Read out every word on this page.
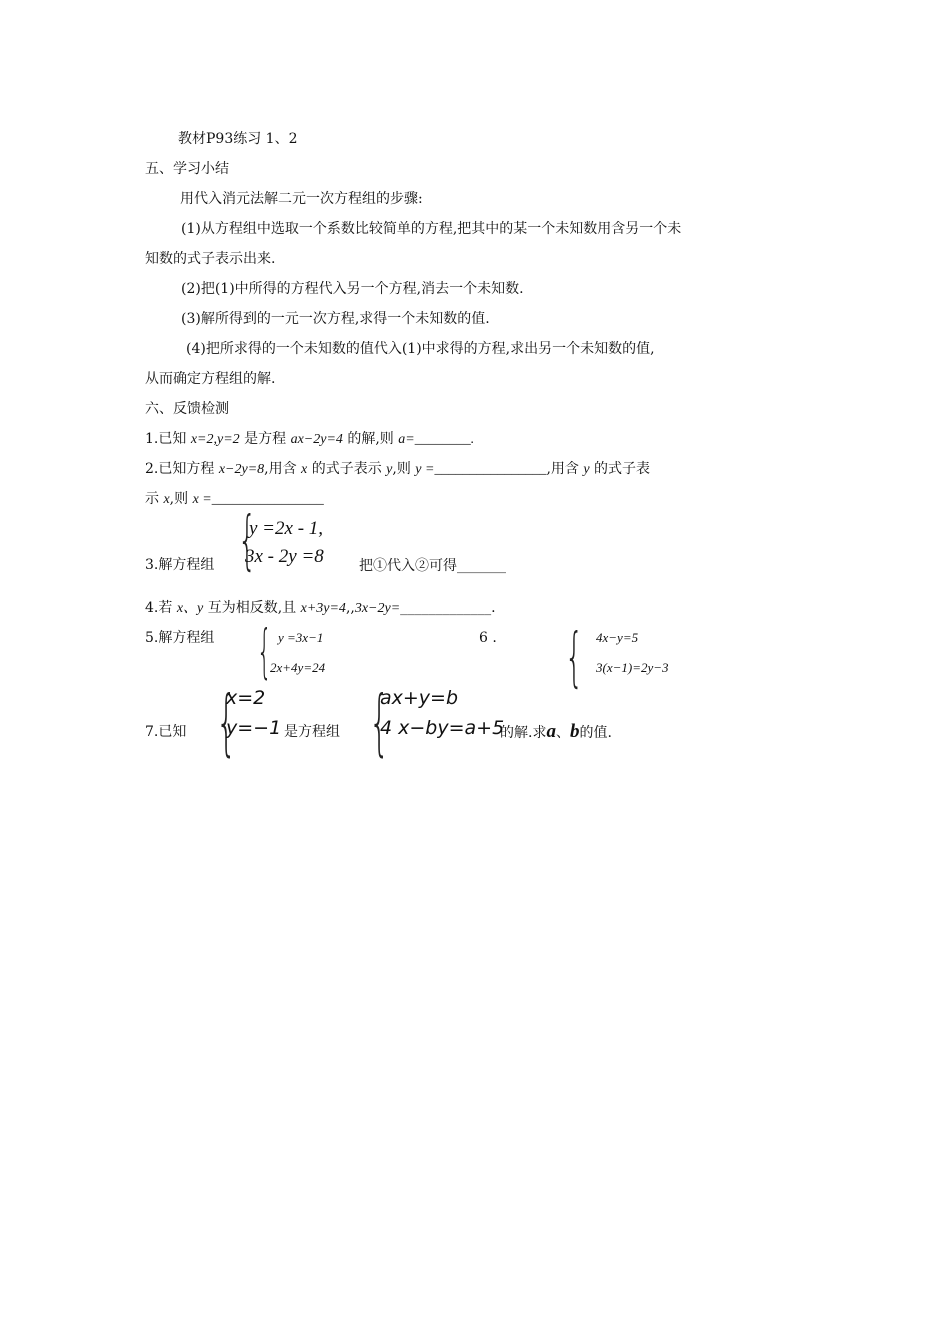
教材P93练习 1、2
五、学习小结
用代入消元法解二元一次方程组的步骤:
(1)从方程组中选取一个系数比较简单的方程,把其中的某一个未知数用含另一个未
知数的式子表示出来.
(2)把(1)中所得的方程代入另一个方程,消去一个未知数.
(3)解所得到的一元一次方程,求得一个未知数的值.
(4)把所求得的一个未知数的值代入(1)中求得的方程,求出另一个未知数的值,
从而确定方程组的解.
六、反馈检测
1.已知 x=2,y=2 是方程 ax−2y=4 的解,则 a=________.
2.已知方程 x−2y=8,用含 x 的式子表示 y,则 y =________________,用含 y 的式子表
示 x,则 x =________________
{
y =2x - 1,
3x - 2y =8
3.解方程组	把①代入②可得_______
4.若 x、y 互为相反数,且 x+3y=4,,3x−2y=_____________.
5.解方程组 { y =3x−1
2x+4y=24
6 . { 4x−y=5
3(x−1)=2y−3
7.已知 {
x=2
y=−1 是方程组 {
ax+y=b
4 x−by=a+5
的解.求a、b的值.
